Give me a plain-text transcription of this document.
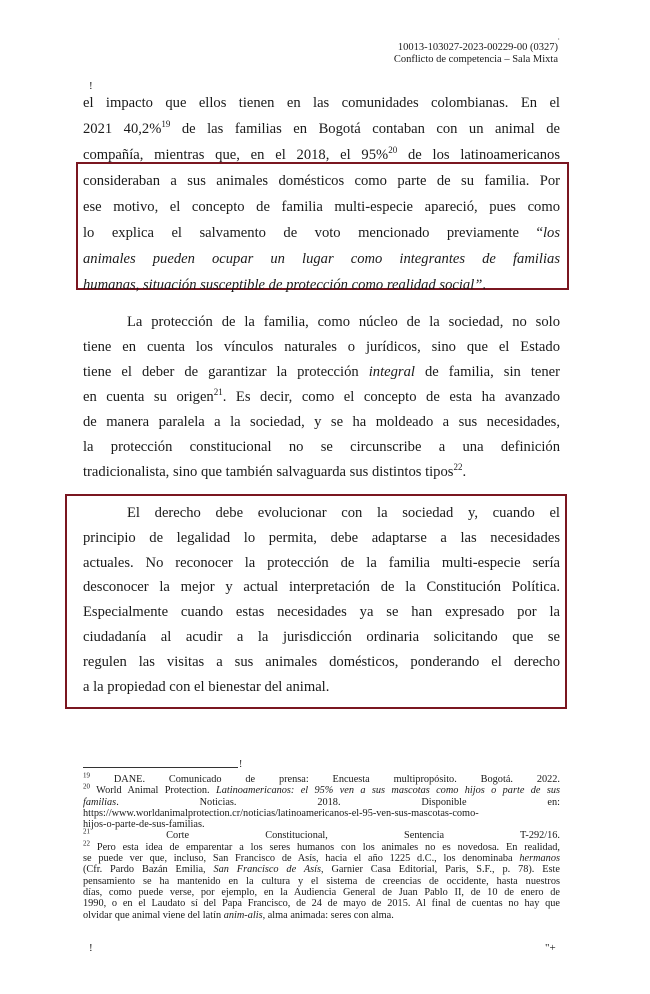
·
10013-103027-2023-00229-00 (0327)
Conflicto de competencia – Sala Mixta
!
el impacto que ellos tienen en las comunidades colombianas. En el
2021 40,2%$^{19}$ de las familias en Bogotá contaban con un animal de
compañía, mientras que, en el 2018, el 95%$^{20}$ de los latinoamericanos
consideraban a sus animales domésticos como parte de su familia. Por
ese motivo, el concepto de familia multi-especie apareció, pues como
lo explica el salvamento de voto mencionado previamente “los
animales pueden ocupar un lugar como integrantes de familias
humanas, situación susceptible de protección como realidad social”.
La protección de la familia, como núcleo de la sociedad, no solo
tiene en cuenta los vínculos naturales o jurídicos, sino que el Estado
tiene el deber de garantizar la protección integral de familia, sin tener
en cuenta su origen$^{21}$. Es decir, como el concepto de esta ha avanzado
de manera paralela a la sociedad, y se ha moldeado a sus necesidades,
la protección constitucional no se circunscribe a una definición
tradicionalista, sino que también salvaguarda sus distintos tipos$^{22}$.
El derecho debe evolucionar con la sociedad y, cuando el
principio de legalidad lo permita, debe adaptarse a las necesidades
actuales. No reconocer la protección de la familia multi-especie sería
desconocer la mejor y actual interpretación de la Constitución Política.
Especialmente cuando estas necesidades ya se han expresado por la
ciudadanía al acudir a la jurisdicción ordinaria solicitando que se
regulen las visitas a sus animales domésticos, ponderando el derecho
a la propiedad con el bienestar del animal.
!
$^{19}$ DANE. Comunicado de prensa: Encuesta multipropósito. Bogotá. 2022.
$^{20}$ World Animal Protection. Latinoamericanos: el 95% ven a sus mascotas como hijos o parte de sus
familias. Noticias. 2018. Disponible en:
https://www.worldanimalprotection.cr/noticias/latinoamericanos-el-95-ven-sus-mascotas-como-
hijos-o-parte-de-sus-familias.
$^{21}$ Corte Constitucional, Sentencia T-292/16.
$^{22}$ Pero esta idea de emparentar a los seres humanos con los animales no es novedosa. En realidad,
se puede ver que, incluso, San Francisco de Asís, hacia el año 1225 d.C., los denominaba hermanos
(Cfr. Pardo Bazán Emilia, San Francisco de Asís, Garnier Casa Editorial, Paris, S.F., p. 78). Este
pensamiento se ha mantenido en la cultura y el sistema de creencias de occidente, hasta nuestros
días, como puede verse, por ejemplo, en la Audiencia General de Juan Pablo II, de 10 de enero de
1990, o en el Laudato sí del Papa Francisco, de 24 de mayo de 2015. Al final de cuentas no hay que
olvidar que animal viene del latín anim-alis, alma animada: seres con alma.
!	"+
